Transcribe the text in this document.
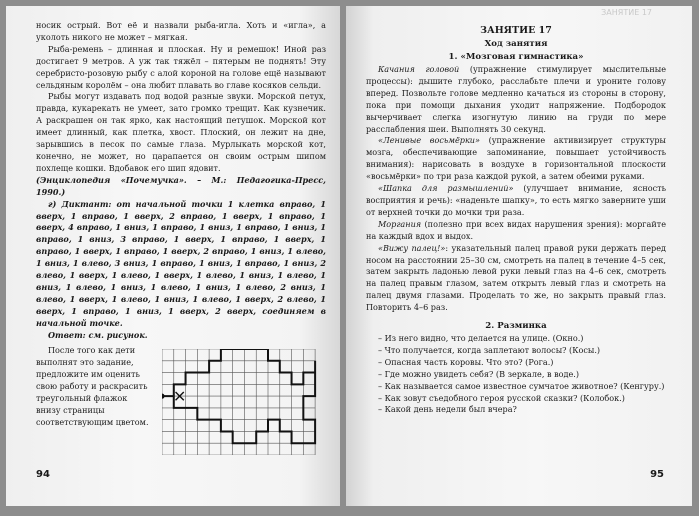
носик острый. Вот её и назвали рыба-игла. Хоть и «игла», а уколоть никого не может – мягкая.

Рыба-ремень – длинная и плоская. Ну и ремешок! Иной раз достигает 9 метров. А уж так тяжёл – пятерым не поднять! Эту серебристо-розовую рыбу с алой короной на голове ещё называют сельдяным королём – она любит плавать во главе косяков сельди.

Рыбы могут издавать под водой разные звуки. Морской петух, правда, кукарекать не умеет, зато громко трещит. Как кузнечик. А раскрашен он так ярко, как настоящий петушок. Морской кот имеет длинный, как плетка, хвост. Плоский, он лежит на дне, зарывшись в песок по самые глаза. Мурлыкать морской кот, конечно, не может, но царапается он своим острым шипом похлеще кошки. Вдобавок его шип ядовит.

(Энциклопедия «Почемучка». – М.: Педагогика-Пресс, 1990.)

г) Диктант: от начальной точки 1 клетка вправо, 1 вверх, 1 вправо, 1 вверх, 2 вправо, 1 вверх, 1 вправо, 1 вверх, 4 вправо, 1 вниз, 1 вправо, 1 вниз, 1 вправо, 1 вниз, 1 вправо, 1 вниз, 3 вправо, 1 вверх, 1 вправо, 1 вверх, 1 вправо, 1 вверх, 1 вправо, 1 вверх, 2 вправо, 1 вниз, 1 влево, 1 вниз, 1 влево, 3 вниз, 1 вправо, 1 вниз, 1 вправо, 1 вниз, 2 влево, 1 вверх, 1 влево, 1 вверх, 1 влево, 1 вниз, 1 влево, 1 вниз, 1 влево, 1 вниз, 1 влево, 1 вниз, 1 влево, 2 вниз, 1 влево, 1 вверх, 1 влево, 1 вниз, 1 влево, 1 вверх, 2 влево, 1 вверх, 1 вправо, 1 вниз, 1 вверх, 2 вверх, соединяем в начальной точке.

Ответ: см. рисунок.

После того как дети выполнят это задание, предложите им оценить свою работу и раскрасить треугольный флажок внизу страницы соответствующим цветом.

94
ЗАНЯТИЕ 17
ЗАНЯТИЕ 17
Ход занятия
1. «Мозговая гимнастика»

Качания головой (упражнение стимулирует мыслительные процессы): дышите глубоко, расслабьте плечи и уроните голову вперед. Позвольте голове медленно качаться из стороны в сторону, пока при помощи дыхания уходит напряжение. Подбородок вычерчивает слегка изогнутую линию на груди по мере расслабления шеи. Выполнять 30 секунд.

«Ленивые восьмёрки» (упражнение активизирует структуры мозга, обеспечивающие запоминание, повышает устойчивость внимания): нарисовать в воздухе в горизонтальной плоскости «восьмёрки» по три раза каждой рукой, а затем обеими руками.

«Шапка для размышлений» (улучшает внимание, ясность восприятия и речь): «наденьте шапку», то есть мягко заверните уши от верхней точки до мочки три раза.

Моргания (полезно при всех видах нарушения зрения): моргайте на каждый вдох и выдох.

«Вижу палец!»: указательный палец правой руки держать перед носом на расстоянии 25–30 см, смотреть на палец в течение 4–5 сек, затем закрыть ладонью левой руки левый глаз на 4–6 сек, смотреть на палец правым глазом, затем открыть левый глаз и смотреть на палец двумя глазами. Проделать то же, но закрыть правый глаз. Повторить 4–6 раз.

2. Разминка

– Из него видно, что делается на улице. (Окно.)

– Что получается, когда заплетают волосы? (Косы.)

– Опасная часть коровы. Что это? (Рога.)

– Где можно увидеть себя? (В зеркале, в воде.)

– Как называется самое известное сумчатое животное? (Кенгуру.)

– Как зовут съедобного героя русской сказки? (Колобок.)

– Какой день недели был вчера?

95
